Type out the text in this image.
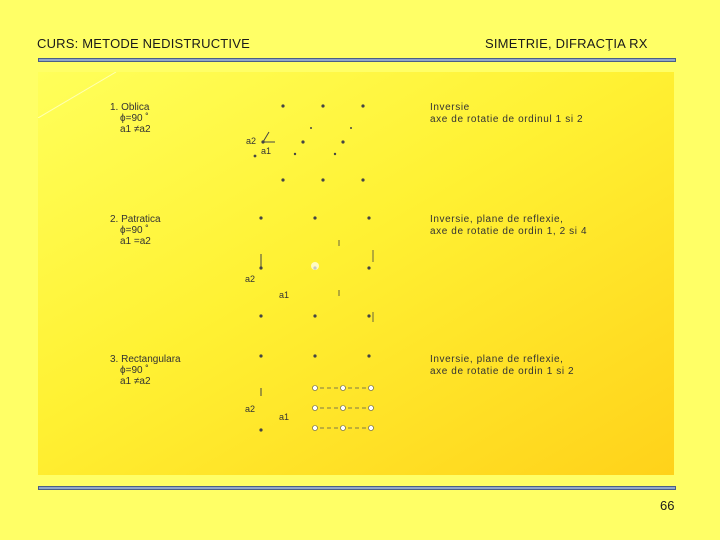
CURS: METODE NEDISTRUCTIVE	SIMETRIE, DIFRACŢIA RX
1. Oblica
ϕ=90 ˚
a1 ≠a2
Inversie
axe de rotatie de ordinul 1 si 2
a2
a1
2. Patratica
ϕ=90 ˚
a1 =a2
Inversie, plane de reflexie,
axe de rotatie de ordin 1, 2 si 4
a2
a1
3. Rectangulara
ϕ=90 ˚
a1 ≠a2
Inversie, plane de reflexie,
axe de rotatie de ordin 1 si 2
a2
a1
66
